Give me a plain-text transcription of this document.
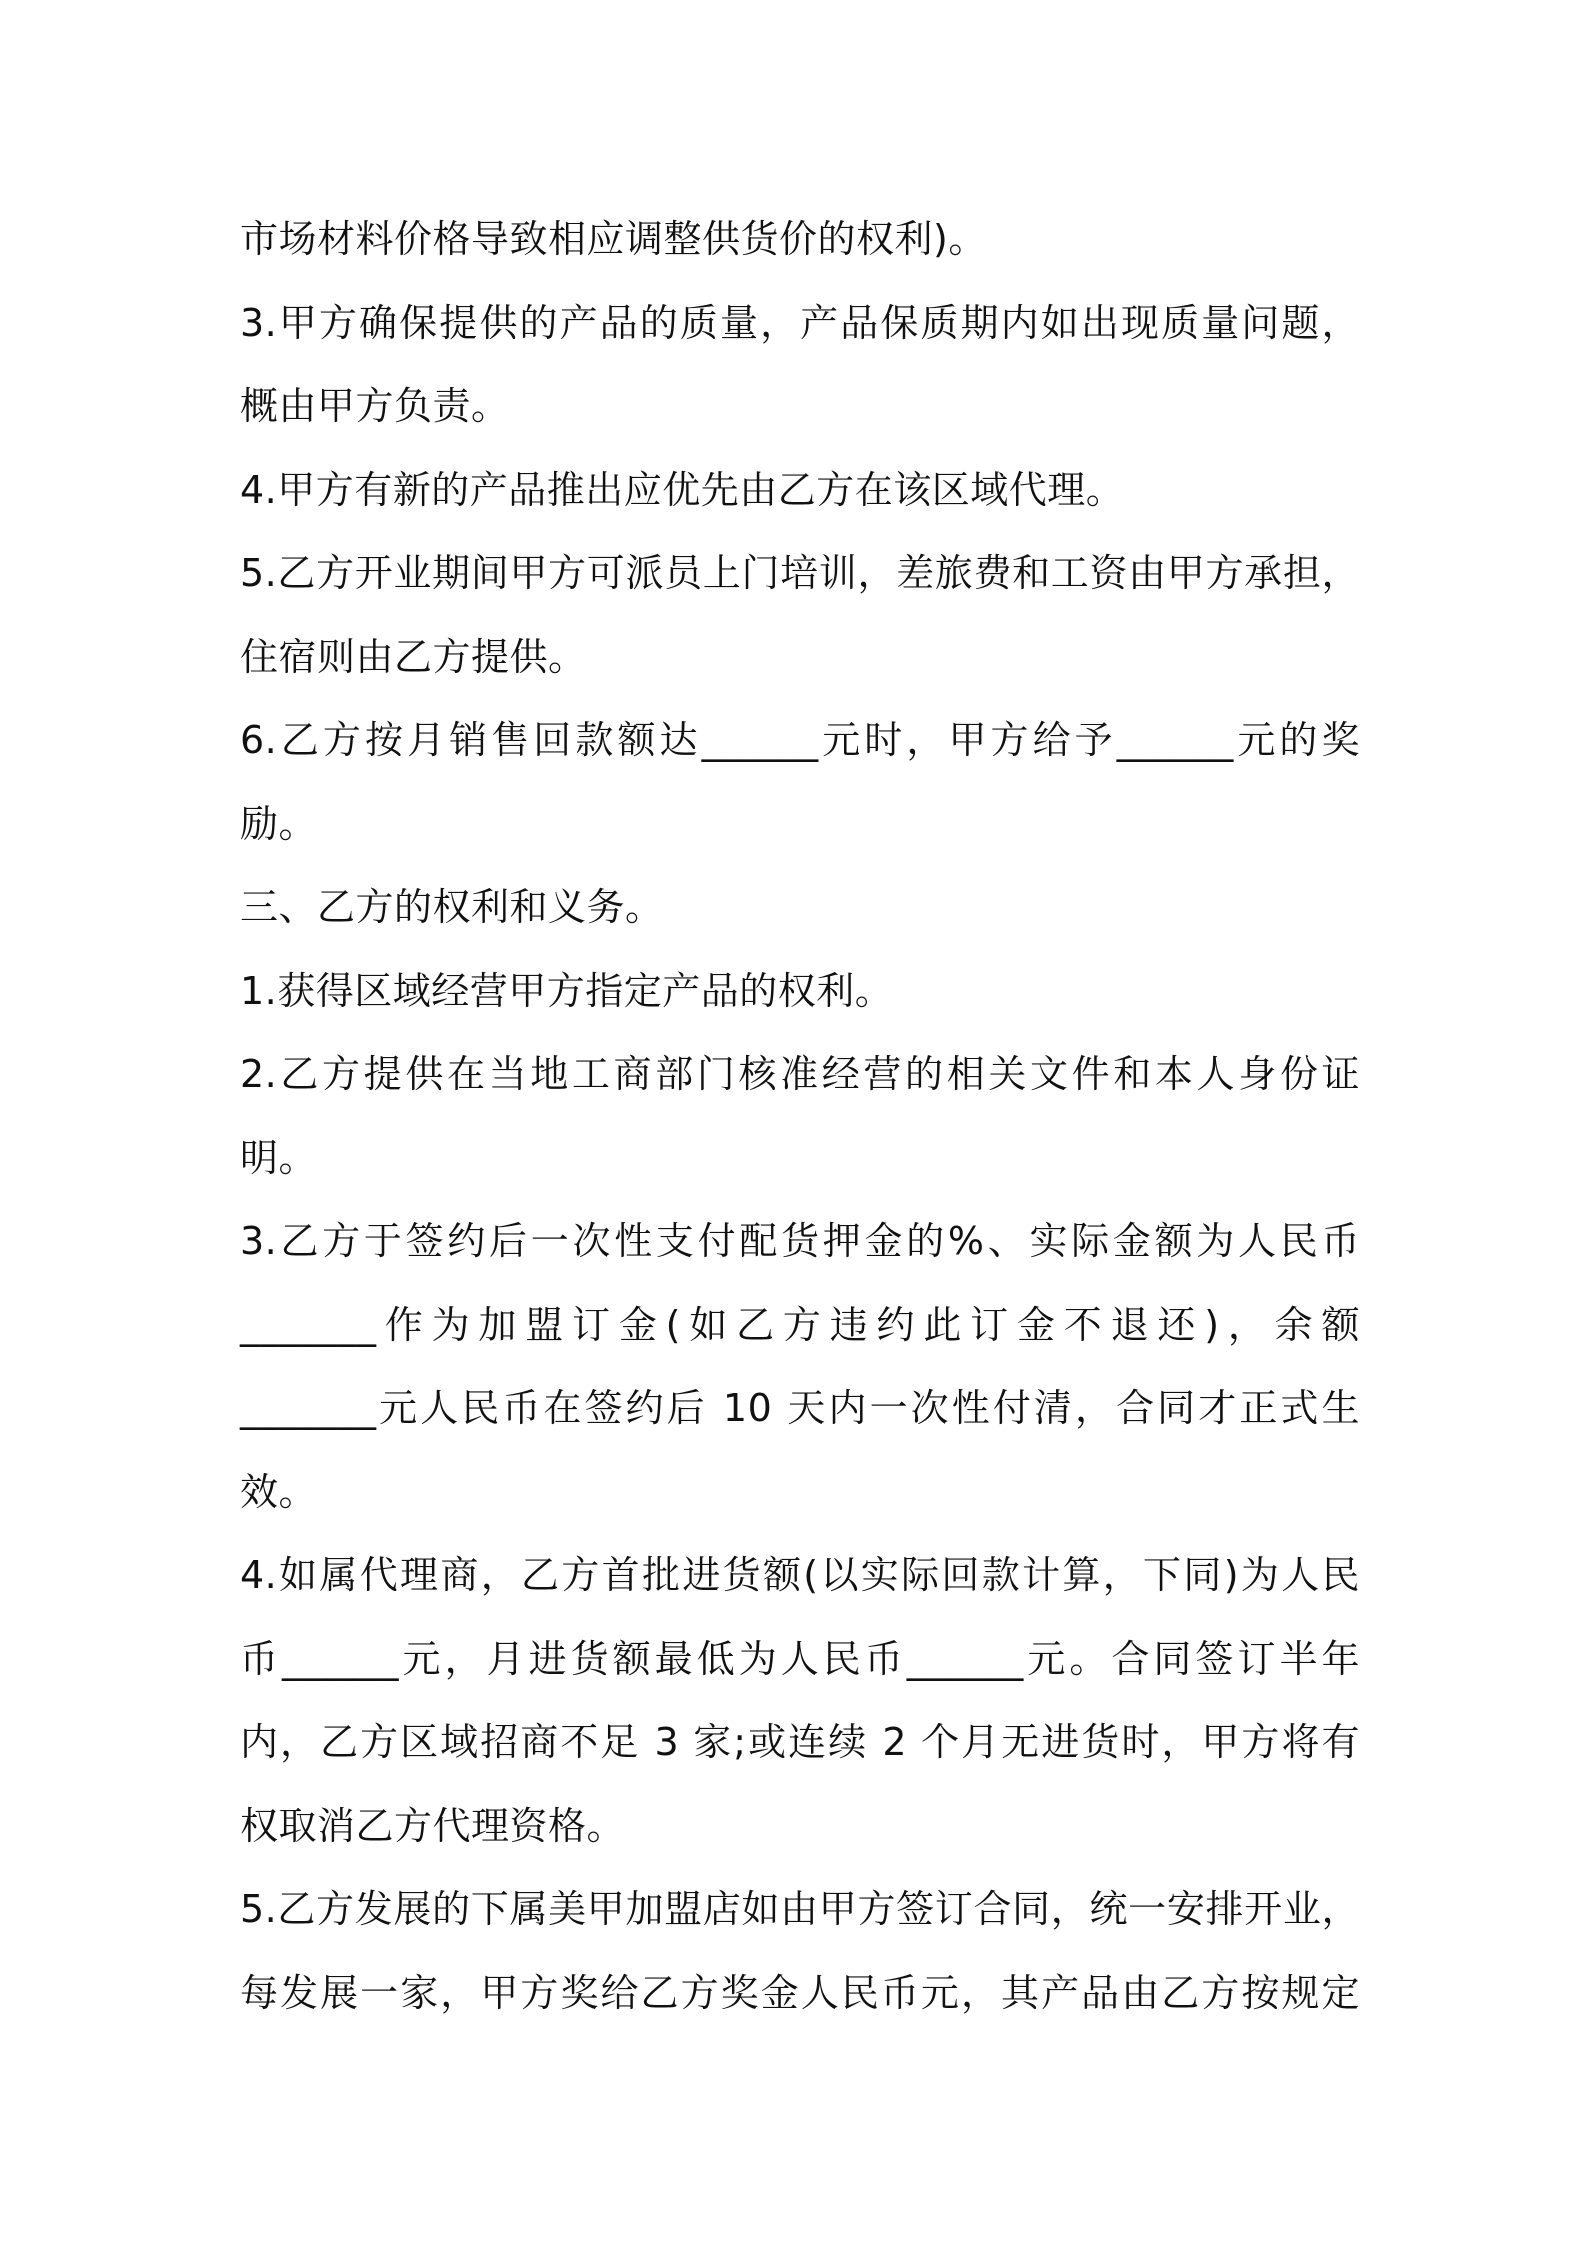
市场材料价格导致相应调整供货价的权利)。
3.甲方确保提供的产品的质量，产品保质期内如出现质量问题，
概由甲方负责。
4.甲方有新的产品推出应优先由乙方在该区域代理。
5.乙方开业期间甲方可派员上门培训，差旅费和工资由甲方承担，
住宿则由乙方提供。
6.乙方按月销售回款额达______元时，甲方给予______元的奖
励。
三、乙方的权利和义务。
1.获得区域经营甲方指定产品的权利。
2.乙方提供在当地工商部门核准经营的相关文件和本人身份证
明。
3.乙方于签约后一次性支付配货押金的%、实际金额为人民币
_______作为加盟订金(如乙方违约此订金不退还)，余额
_______元人民币在签约后 10 天内一次性付清，合同才正式生
效。
4.如属代理商，乙方首批进货额(以实际回款计算，下同)为人民
币______元，月进货额最低为人民币______元。合同签订半年
内，乙方区域招商不足 3 家;或连续 2 个月无进货时，甲方将有
权取消乙方代理资格。
5.乙方发展的下属美甲加盟店如由甲方签订合同，统一安排开业，
每发展一家，甲方奖给乙方奖金人民币元，其产品由乙方按规定
